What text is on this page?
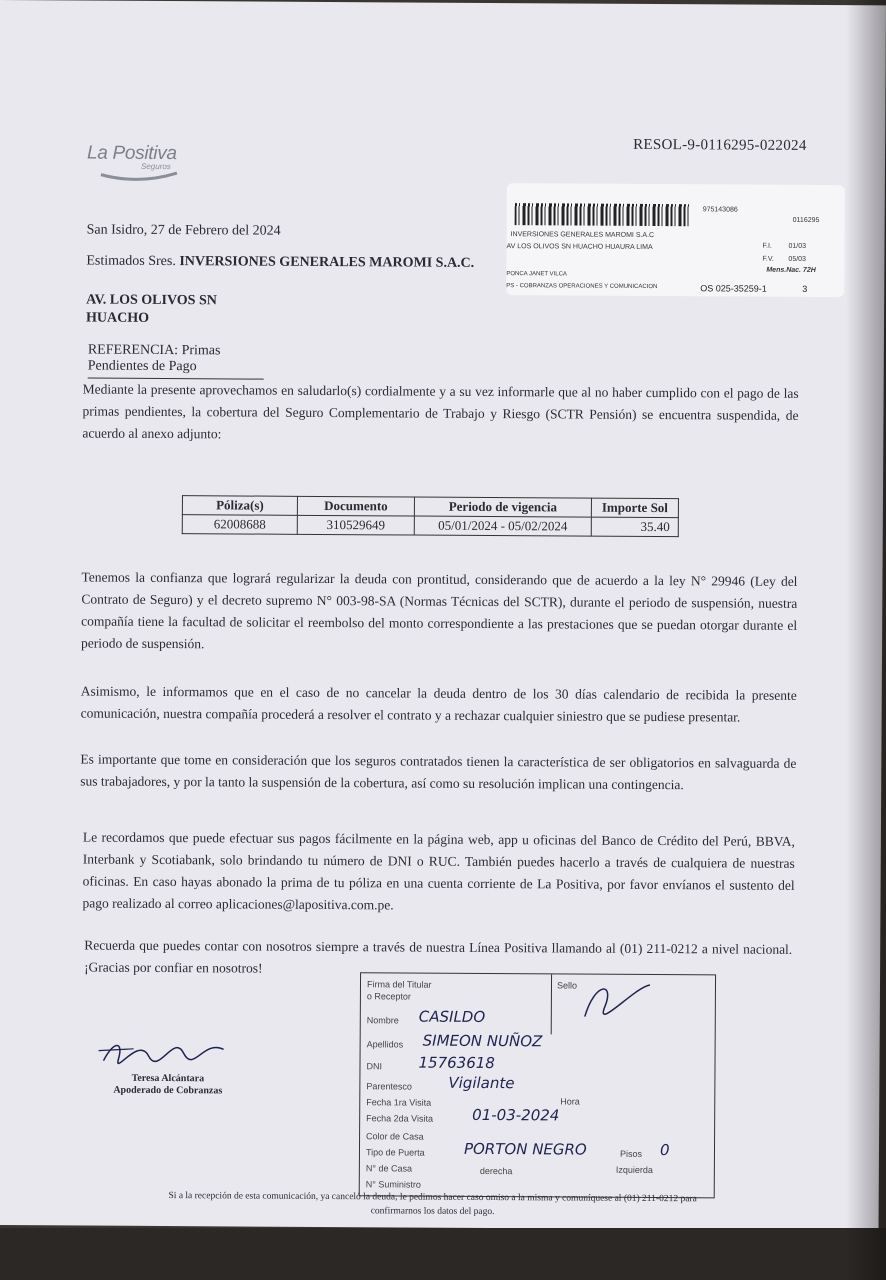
La Positiva
Seguros
RESOL-9-0116295-022024
975143086
0116295
INVERSIONES GENERALES MAROMI S.A.C
AV LOS OLIVOS SN HUACHO HUAURA LIMA	F.I. 01/03
F.V. 05/03
Mens.Nac. 72H
PONCA JANET VILCA
PS - COBRANZAS OPERACIONES Y COMUNICACION	OS 025-35259-1	3
San Isidro, 27 de Febrero del 2024
Estimados Sres. INVERSIONES GENERALES MAROMI S.A.C.
AV. LOS OLIVOS SN
HUACHO
REFERENCIA: Primas Pendientes de Pago
Mediante la presente aprovechamos en saludarlo(s) cordialmente y a su vez informarle que al no haber cumplido con el pago de las primas pendientes, la cobertura del Seguro Complementario de Trabajo y Riesgo (SCTR Pensión) se encuentra suspendida, de acuerdo al anexo adjunto:
Póliza(s)	Documento	Periodo de vigencia	Importe Sol
62008688	310529649	05/01/2024 - 05/02/2024	35.40
Tenemos la confianza que logrará regularizar la deuda con prontitud, considerando que de acuerdo a la ley N° 29946 (Ley del Contrato de Seguro) y el decreto supremo N° 003-98-SA (Normas Técnicas del SCTR), durante el periodo de suspensión, nuestra compañía tiene la facultad de solicitar el reembolso del monto correspondiente a las prestaciones que se puedan otorgar durante el periodo de suspensión.
Asimismo, le informamos que en el caso de no cancelar la deuda dentro de los 30 días calendario de recibida la presente comunicación, nuestra compañía procederá a resolver el contrato y a rechazar cualquier siniestro que se pudiese presentar.
Es importante que tome en consideración que los seguros contratados tienen la característica de ser obligatorios en salvaguarda de sus trabajadores, y por la tanto la suspensión de la cobertura, así como su resolución implican una contingencia.
Le recordamos que puede efectuar sus pagos fácilmente en la página web, app u oficinas del Banco de Crédito del Perú, BBVA, Interbank y Scotiabank, solo brindando tu número de DNI o RUC. También puedes hacerlo a través de cualquiera de nuestras oficinas. En caso hayas abonado la prima de tu póliza en una cuenta corriente de La Positiva, por favor envíanos el sustento del pago realizado al correo aplicaciones@lapositiva.com.pe.
Recuerda que puedes contar con nosotros siempre a través de nuestra Línea Positiva llamando al (01) 211-0212 a nivel nacional. ¡Gracias por confiar en nosotros!
Teresa Alcántara
Apoderado de Cobranzas
Firma del Titular
o Receptor
Sello
Nombre CASILDO
Apellidos SIMEON NUÑOZ
DNI 15763618
Parentesco Vigilante
Fecha 1ra Visita	Hora
Fecha 2da Visita	01-03-2024
Color de Casa
Tipo de Puerta	PORTON NEGRO	Pisos 0
N° de Casa	derecha	Izquierda
N° Suministro
Si a la recepción de esta comunicación, ya canceló la deuda, le pedimos hacer caso omiso a la misma y comuníquese al (01) 211-0212 para confirmarnos los datos del pago.
